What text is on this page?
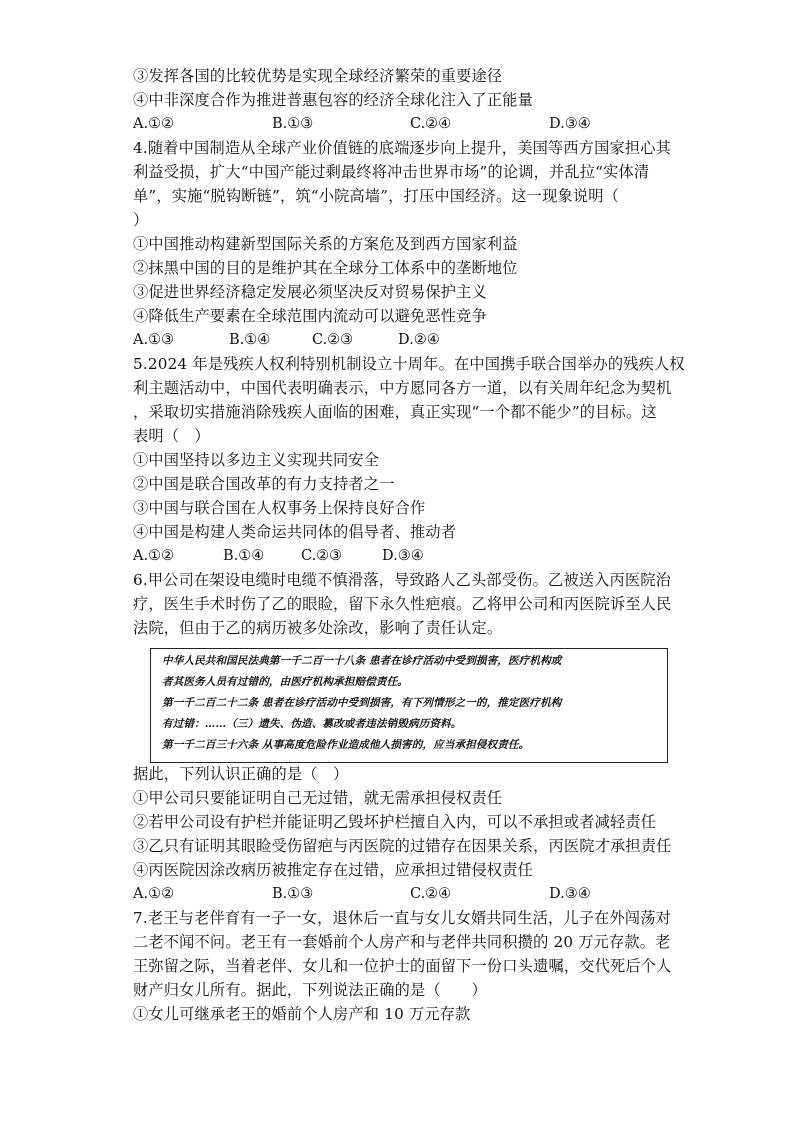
③发挥各国的比较优势是实现全球经济繁荣的重要途径
④中非深度合作为推进普惠包容的经济全球化注入了正能量
A.①②	B.①③	C.②④	D.③④
4.随着中国制造从全球产业价值链的底端逐步向上提升，美国等西方国家担心其
利益受损，扩大“中国产能过剩最终将冲击世界市场”的论调，并乱拉“实体清
单”，实施“脱钩断链”，筑“小院高墙”，打压中国经济。这一现象说明（
）
①中国推动构建新型国际关系的方案危及到西方国家利益
②抹黑中国的目的是维护其在全球分工体系中的垄断地位
③促进世界经济稳定发展必须坚决反对贸易保护主义
④降低生产要素在全球范围内流动可以避免恶性竞争
A.①③	B.①④	C.②③	D.②④
5.2024 年是残疾人权利特别机制设立十周年。在中国携手联合国举办的残疾人权
利主题活动中，中国代表明确表示，中方愿同各方一道，以有关周年纪念为契机
，采取切实措施消除残疾人面临的困难，真正实现“一个都不能少”的目标。这
表明（　）
①中国坚持以多边主义实现共同安全
②中国是联合国改革的有力支持者之一
③中国与联合国在人权事务上保持良好合作
④中国是构建人类命运共同体的倡导者、推动者
A.①②	B.①④	C.②③	D.③④
6.甲公司在架设电缆时电缆不慎滑落，导致路人乙头部受伤。乙被送入丙医院治
疗，医生手术时伤了乙的眼睑，留下永久性疤痕。乙将甲公司和丙医院诉至人民
法院，但由于乙的病历被多处涂改，影响了责任认定。
中华人民共和国民法典第一千二百一十八条 患者在诊疗活动中受到损害，医疗机构或
者其医务人员有过错的，由医疗机构承担赔偿责任。
第一千二百二十二条 患者在诊疗活动中受到损害，有下列情形之一的，推定医疗机构
有过错：……（三）遗失、伪造、篡改或者违法销毁病历资料。
第一千二百三十六条 从事高度危险作业造成他人损害的，应当承担侵权责任。
据此，下列认识正确的是（　）
①甲公司只要能证明自己无过错，就无需承担侵权责任
②若甲公司设有护栏并能证明乙毁坏护栏擅自入内，可以不承担或者减轻责任
③乙只有证明其眼睑受伤留疤与丙医院的过错存在因果关系，丙医院才承担责任
④丙医院因涂改病历被推定存在过错，应承担过错侵权责任
A.①②	B.①③	C.②④	D.③④
7.老王与老伴育有一子一女，退休后一直与女儿女婿共同生活，儿子在外闯荡对
二老不闻不问。老王有一套婚前个人房产和与老伴共同积攒的 20 万元存款。老
王弥留之际，当着老伴、女儿和一位护士的面留下一份口头遗嘱，交代死后个人
财产归女儿所有。据此，下列说法正确的是（　　）
①女儿可继承老王的婚前个人房产和 10 万元存款
